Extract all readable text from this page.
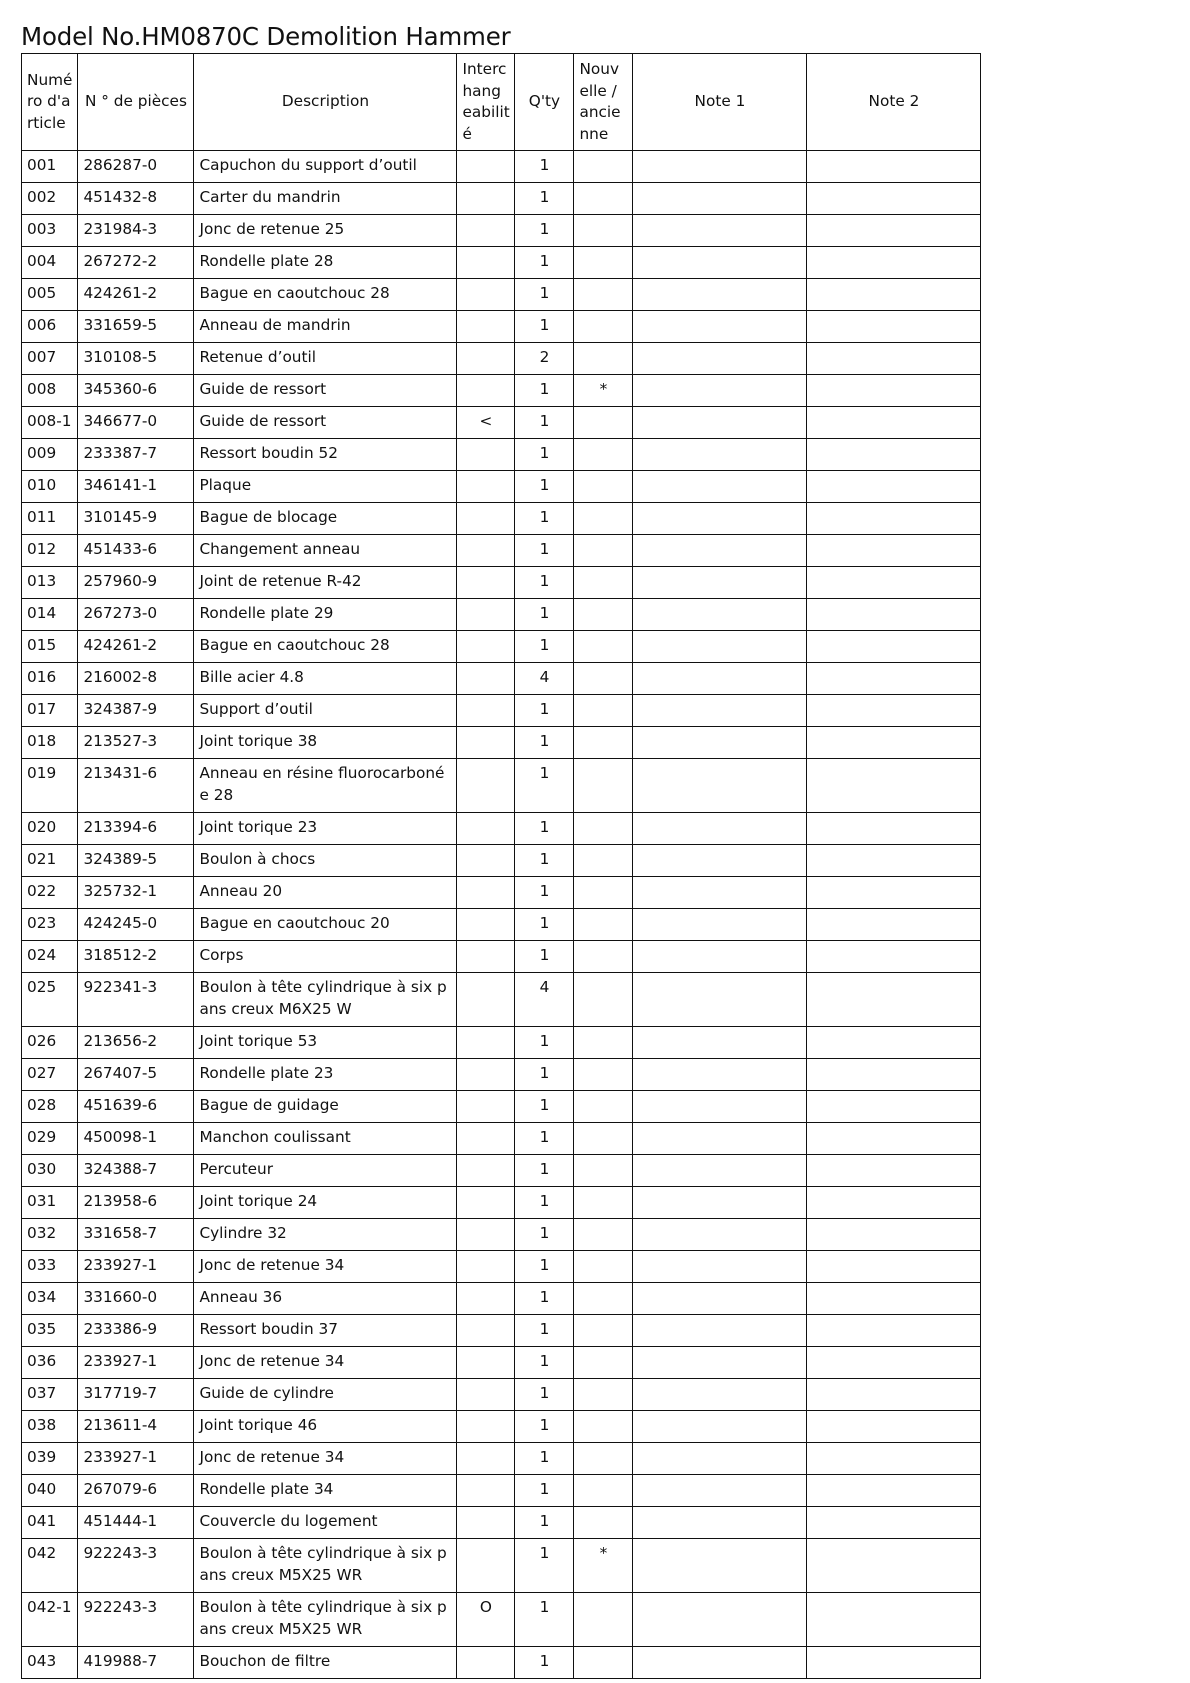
Model No.HM0870C Demolition Hammer
Numé ro d'a rticle	N ° de pièces	Description	Interc hang eabilit é	Q'ty	Nouv elle / ancie nne	Note 1	Note 2
001	286287-0	Capuchon du support d’outil		1			
002	451432-8	Carter du mandrin		1			
003	231984-3	Jonc de retenue 25		1			
004	267272-2	Rondelle plate 28		1			
005	424261-2	Bague en caoutchouc 28		1			
006	331659-5	Anneau de mandrin		1			
007	310108-5	Retenue d’outil		2			
008	345360-6	Guide de ressort		1	*		
008-1	346677-0	Guide de ressort	<	1			
009	233387-7	Ressort boudin 52		1			
010	346141-1	Plaque		1			
011	310145-9	Bague de blocage		1			
012	451433-6	Changement anneau		1			
013	257960-9	Joint de retenue R-42		1			
014	267273-0	Rondelle plate 29		1			
015	424261-2	Bague en caoutchouc 28		1			
016	216002-8	Bille acier 4.8		4			
017	324387-9	Support d’outil		1			
018	213527-3	Joint torique 38		1			
019	213431-6	Anneau en résine fluorocarbonée 28		1			
020	213394-6	Joint torique 23		1			
021	324389-5	Boulon à chocs		1			
022	325732-1	Anneau 20		1			
023	424245-0	Bague en caoutchouc 20		1			
024	318512-2	Corps		1			
025	922341-3	Boulon à tête cylindrique à six pans creux M6X25 W		4			
026	213656-2	Joint torique 53		1			
027	267407-5	Rondelle plate 23		1			
028	451639-6	Bague de guidage		1			
029	450098-1	Manchon coulissant		1			
030	324388-7	Percuteur		1			
031	213958-6	Joint torique 24		1			
032	331658-7	Cylindre 32		1			
033	233927-1	Jonc de retenue 34		1			
034	331660-0	Anneau 36		1			
035	233386-9	Ressort boudin 37		1			
036	233927-1	Jonc de retenue 34		1			
037	317719-7	Guide de cylindre		1			
038	213611-4	Joint torique 46		1			
039	233927-1	Jonc de retenue 34		1			
040	267079-6	Rondelle plate 34		1			
041	451444-1	Couvercle du logement		1			
042	922243-3	Boulon à tête cylindrique à six pans creux M5X25 WR		1	*		
042-1	922243-3	Boulon à tête cylindrique à six pans creux M5X25 WR	O	1			
043	419988-7	Bouchon de filtre		1			
